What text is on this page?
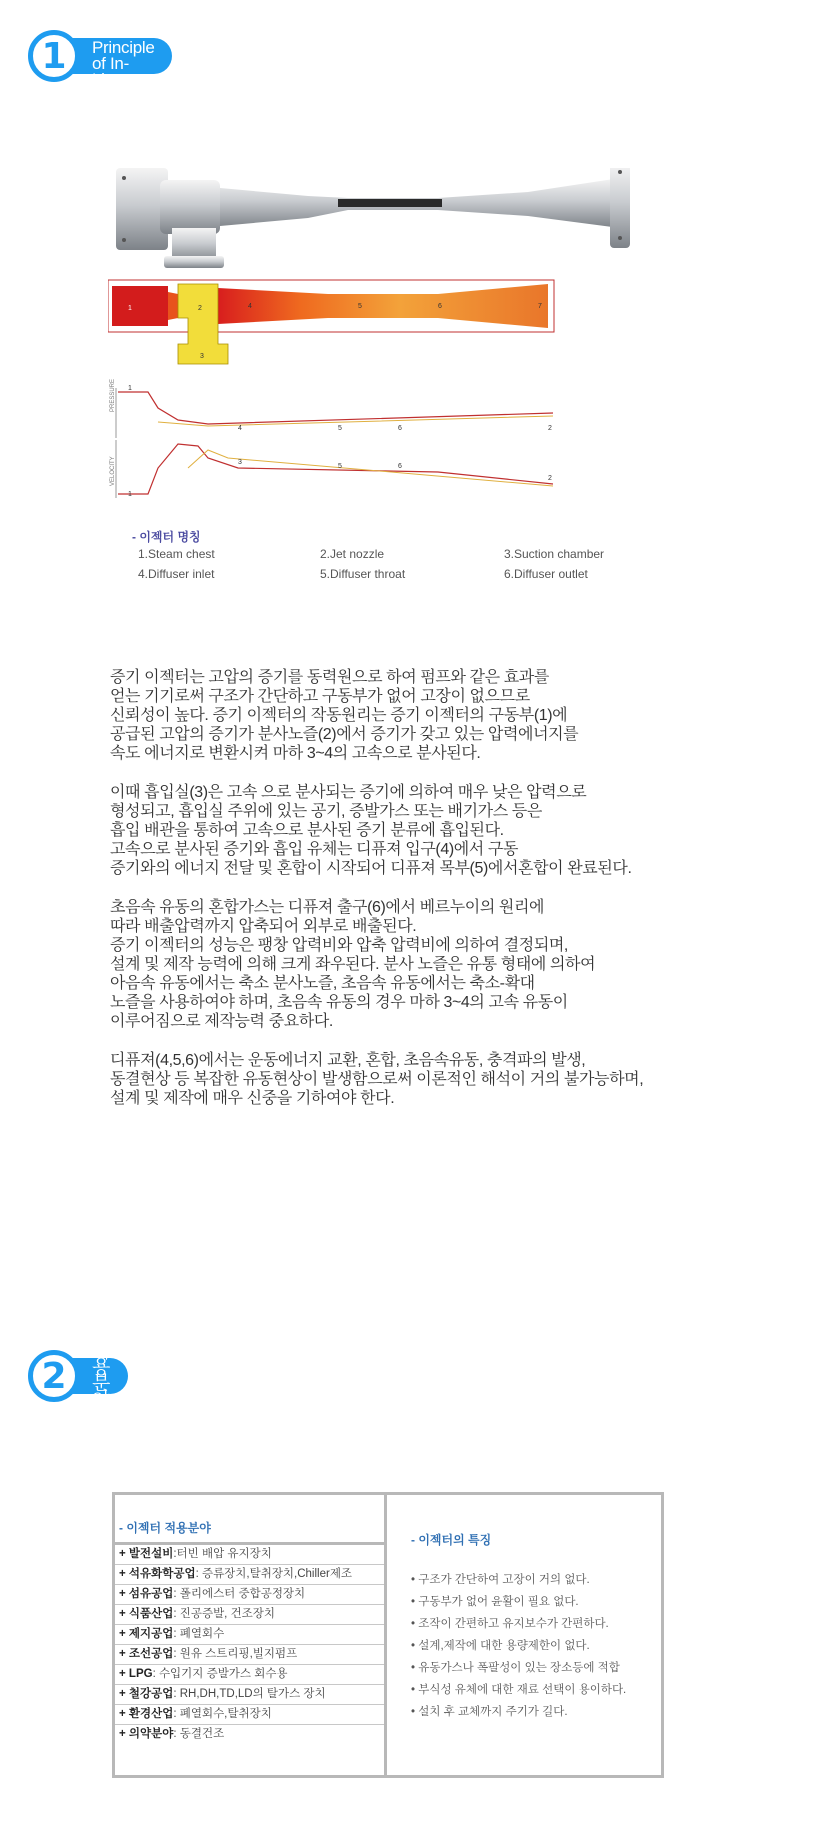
1
Structer and Principle
of In-Line Mixer
1	2
3
4	5	6	7
PRESSURE 1
4	5	6	2
VELOCITY
1
3
5	6
2
- 이젝터 명칭
1.Steam chest	2.Jet nozzle	3.Suction chamber
4.Diffuser inlet	5.Diffuser throat	6.Diffuser outlet

증기 이젝터는 고압의 증기를 동력원으로 하여 펌프와 같은 효과를
얻는 기기로써 구조가 간단하고 구동부가 없어 고장이 없으므로
신뢰성이 높다. 증기 이젝터의 작동원리는 증기 이젝터의 구동부(1)에
공급된 고압의 증기가 분사노즐(2)에서 증기가 갖고 있는 압력에너지를
속도 에너지로 변환시켜 마하 3~4의 고속으로 분사된다.

이때 흡입실(3)은 고속 으로 분사되는 증기에 의하여 매우 낮은 압력으로
형성되고, 흡입실 주위에 있는 공기, 증발가스 또는 배기가스 등은
흡입 배관을 통하여 고속으로 분사된 증기 분류에 흡입된다.
고속으로 분사된 증기와 흡입 유체는 디퓨져 입구(4)에서 구동
증기와의 에너지 전달 및 혼합이 시작되어 디퓨져 목부(5)에서혼합이 완료된다.

초음속 유동의 혼합가스는 디퓨져 출구(6)에서 베르누이의 원리에
따라 배출압력까지 압축되어 외부로 배출된다.
증기 이젝터의 성능은 팽창 압력비와 압축 압력비에 의하여 결정되며,
설계 및 제작 능력에 의해 크게 좌우된다. 분사 노즐은 유통 형태에 의하여
아음속 유동에서는 축소 분사노즐, 초음속 유동에서는 축소-확대
노즐을 사용하여야 하며, 초음속 유동의 경우 마하 3~4의 고속 유동이
이루어짐으로 제작능력 중요하다.

디퓨져(4,5,6)에서는 운동에너지 교환, 혼합, 초음속유동, 충격파의 발생,
동결현상 등 복잡한 유동현상이 발생함으로써 이론적인 해석이 거의 불가능하며,
설계 및 제작에 매우 신중을 기하여야 한다.

2
이젝트 적용분야 및 특징
- 이젝터 적용분야
+ 발전설비:터빈 배압 유지장치
+ 석유화학공업: 증류장치,탈취장치,Chiller제조
+ 섬유공업: 폴리에스터 중합공정장치
+ 식품산업: 진공증발, 건조장치
+ 제지공업: 폐열회수
+ 조선공업: 원유 스트리핑,빌지펌프
+ LPG: 수입기지 증발가스 회수용
+ 철강공업: RH,DH,TD,LD의 탈가스 장치
+ 환경산업: 폐열회수,탈취장치
+ 의약분야: 동결건조
- 이젝터의 특징
• 구조가 간단하여 고장이 거의 없다.
• 구동부가 없어 윤활이 필요 없다.
• 조작이 간편하고 유지보수가 간편하다.
• 설계,제작에 대한 용량제한이 없다.
• 유동가스나 폭팔성이 있는 장소등에 적합
• 부식성 유체에 대한 재료 선택이 용이하다.
• 설치 후 교체까지 주기가 길다.
